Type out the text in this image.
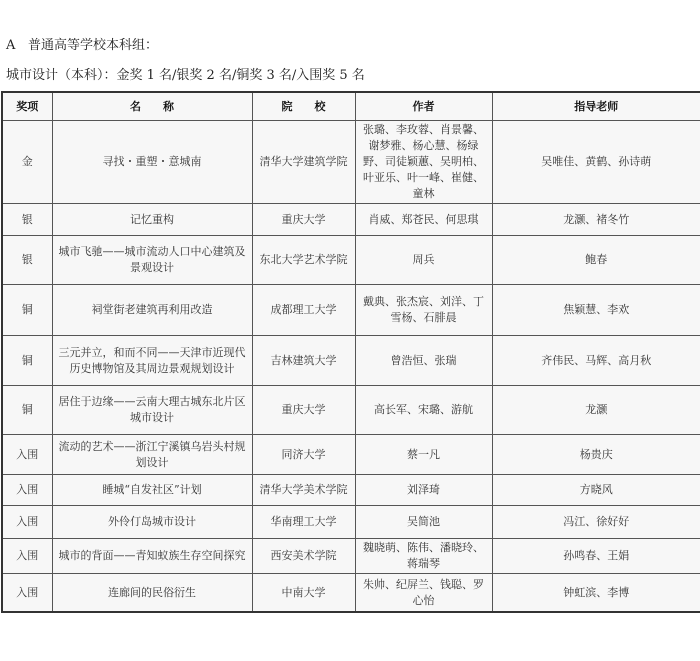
A 普通高等学校本科组：
城市设计（本科）：金奖 1 名/银奖 2 名/铜奖 3 名/入围奖 5 名
奖项	名　　称	院　　校	作者	指导老师
金	寻找・重塑・意城南	清华大学建筑学院	张璐、李玫蓉、肖景馨、谢梦雅、杨心慧、杨绿野、司徒颖蕙、吴明柏、叶亚乐、叶一峰、崔健、童林	吴唯佳、黄鹤、孙诗萌
银	记忆重构	重庆大学	肖威、郑苍民、何思琪	龙灏、褚冬竹
银	城市飞驰——城市流动人口中心建筑及景观设计	东北大学艺术学院	周兵	鲍春
铜	祠堂街老建筑再利用改造	成都理工大学	戴典、张杰宸、刘洋、丁雪杨、石腓晨	焦颖慧、李欢
铜	三元并立，和而不同——天津市近现代历史博物馆及其周边景观规划设计	吉林建筑大学	曾浩恒、张瑞	齐伟民、马辉、高月秋
铜	居住于边缘——云南大理古城东北片区城市设计	重庆大学	高长军、宋璐、游航	龙灏
入围	流动的艺术——浙江宁溪镇乌岩头村规划设计	同济大学	蔡一凡	杨贵庆
入围	睡城“自发社区”计划	清华大学美术学院	刘泽琦	方晓风
入围	外伶仃岛城市设计	华南理工大学	吴简池	冯江、徐好好
入围	城市的背面——青知蚁族生存空间探究	西安美术学院	魏晓萌、陈伟、潘晓玲、蒋瑞琴	孙鸣春、王娟
入围	连廊间的民俗衍生	中南大学	朱帅、纪屏兰、钱聪、罗心怡	钟虹滨、李博
